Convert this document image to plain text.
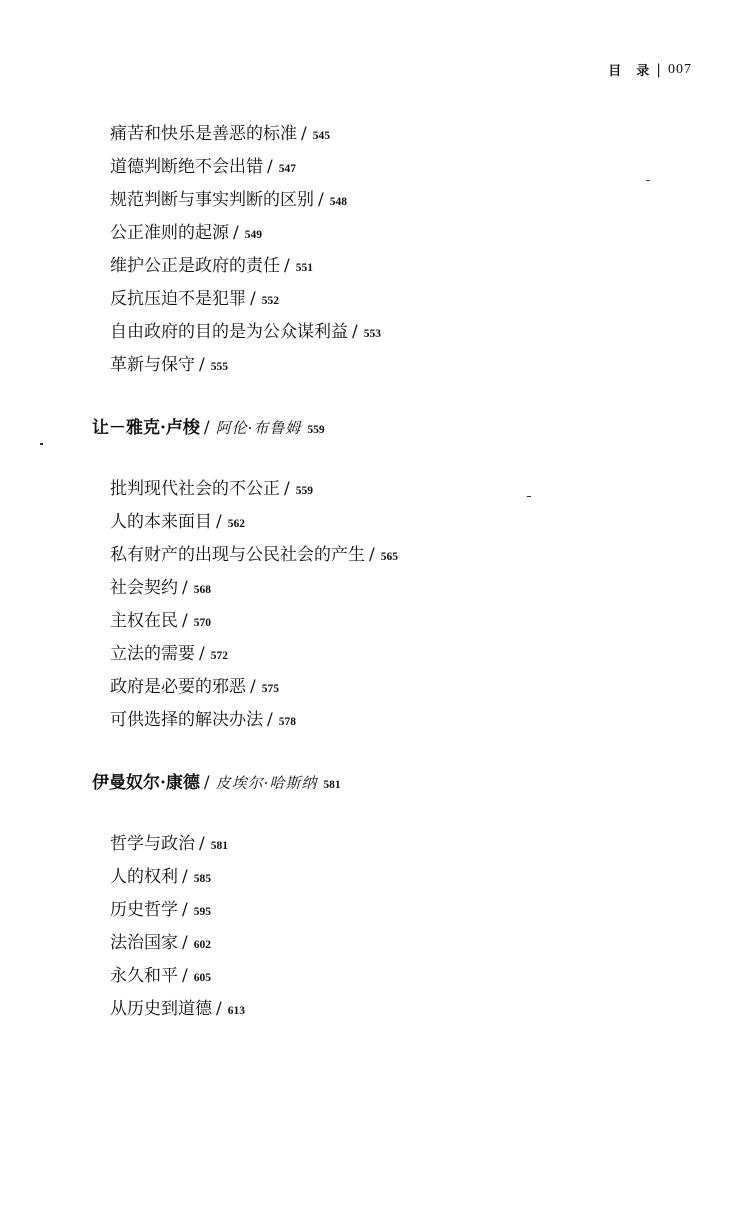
目　录 | 007
痛苦和快乐是善恶的标准 / 545
道德判断绝不会出错 / 547
规范判断与事实判断的区别 / 548
公正准则的起源 / 549
维护公正是政府的责任 / 551
反抗压迫不是犯罪 / 552
自由政府的目的是为公众谋利益 / 553
革新与保守 / 555
让－雅克·卢梭 / 阿伦·布鲁姆 559
批判现代社会的不公正 / 559
人的本来面目 / 562
私有财产的出现与公民社会的产生 / 565
社会契约 / 568
主权在民 / 570
立法的需要 / 572
政府是必要的邪恶 / 575
可供选择的解决办法 / 578
伊曼奴尔·康德 / 皮埃尔·哈斯纳 581
哲学与政治 / 581
人的权利 / 585
历史哲学 / 595
法治国家 / 602
永久和平 / 605
从历史到道德 / 613
